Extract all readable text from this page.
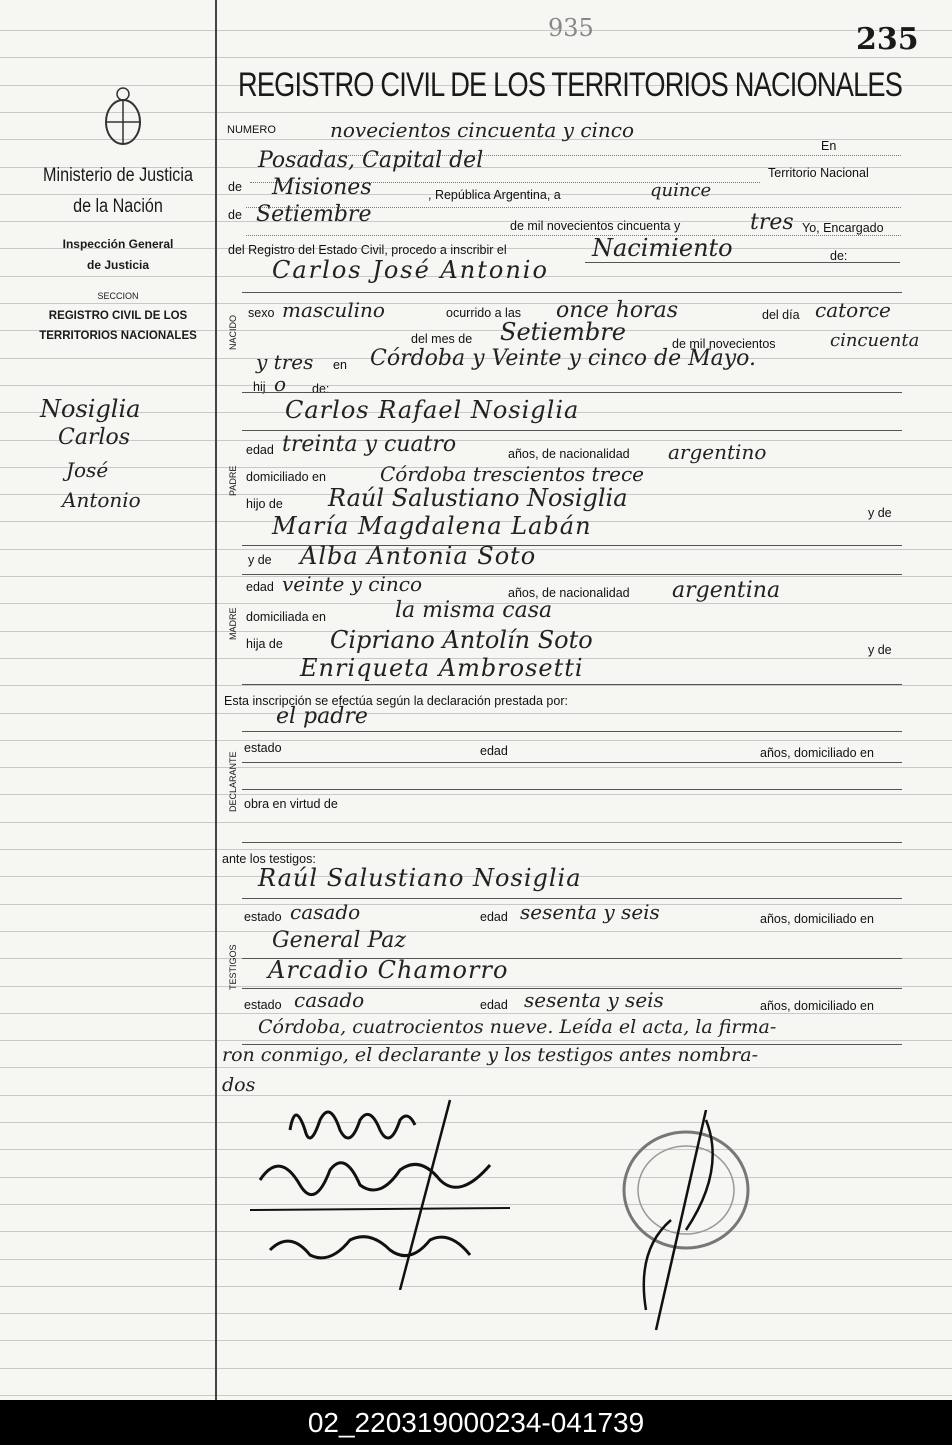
Ministerio de Justicia
de la Nación
Inspección General
de Justicia
SECCION
REGISTRO CIVIL DE LOS
TERRITORIOS NACIONALES
Nosiglia
Carlos
José
Antonio
935	235
REGISTRO CIVIL DE LOS TERRITORIOS NACIONALES
NUMERO	novecientos cincuenta y cinco
En
Posadas, Capital del	Territorio Nacional
de Misiones	, República Argentina, a	quince
de Setiembre	de mil novecientos cincuenta y	tres Yo, Encargado
del Registro del Estado Civil, procedo a inscribir el	Nacimiento	de:
NACIDO
Carlos José Antonio
sexo masculino	ocurrido a las once horas	del día catorce
del mes de Setiembre	de mil novecientos	cincuenta
y tres en Córdoba y Veinte y cinco de Mayo.
hij o de:
PADRE
Carlos Rafael Nosiglia
edad treinta y cuatro	años, de nacionalidad argentino
domiciliado en	Córdoba trescientos trece
hijo de Raúl Salustiano Nosiglia
y de
María Magdalena Labán
MADRE
y de Alba Antonia Soto
edad veinte y cinco	años, de nacionalidad argentina
domiciliada en	la misma casa
hija de Cipriano Antolín Soto	y de
Enriqueta Ambrosetti
Esta inscripción se efectúa según la declaración prestada por:
el padre
DECLARANTE
estado	edad	años, domiciliado en
obra en virtud de
ante los testigos:
TESTIGOS
Raúl Salustiano Nosiglia
estado casado	edad sesenta y seis	años, domiciliado en
General Paz
Arcadio Chamorro
estado casado	edad sesenta y seis	años, domiciliado en
Córdoba, cuatrocientos nueve. Leída el acta, la firma-
ron conmigo, el declarante y los testigos antes nombra-
dos
02_220319000234-041739
